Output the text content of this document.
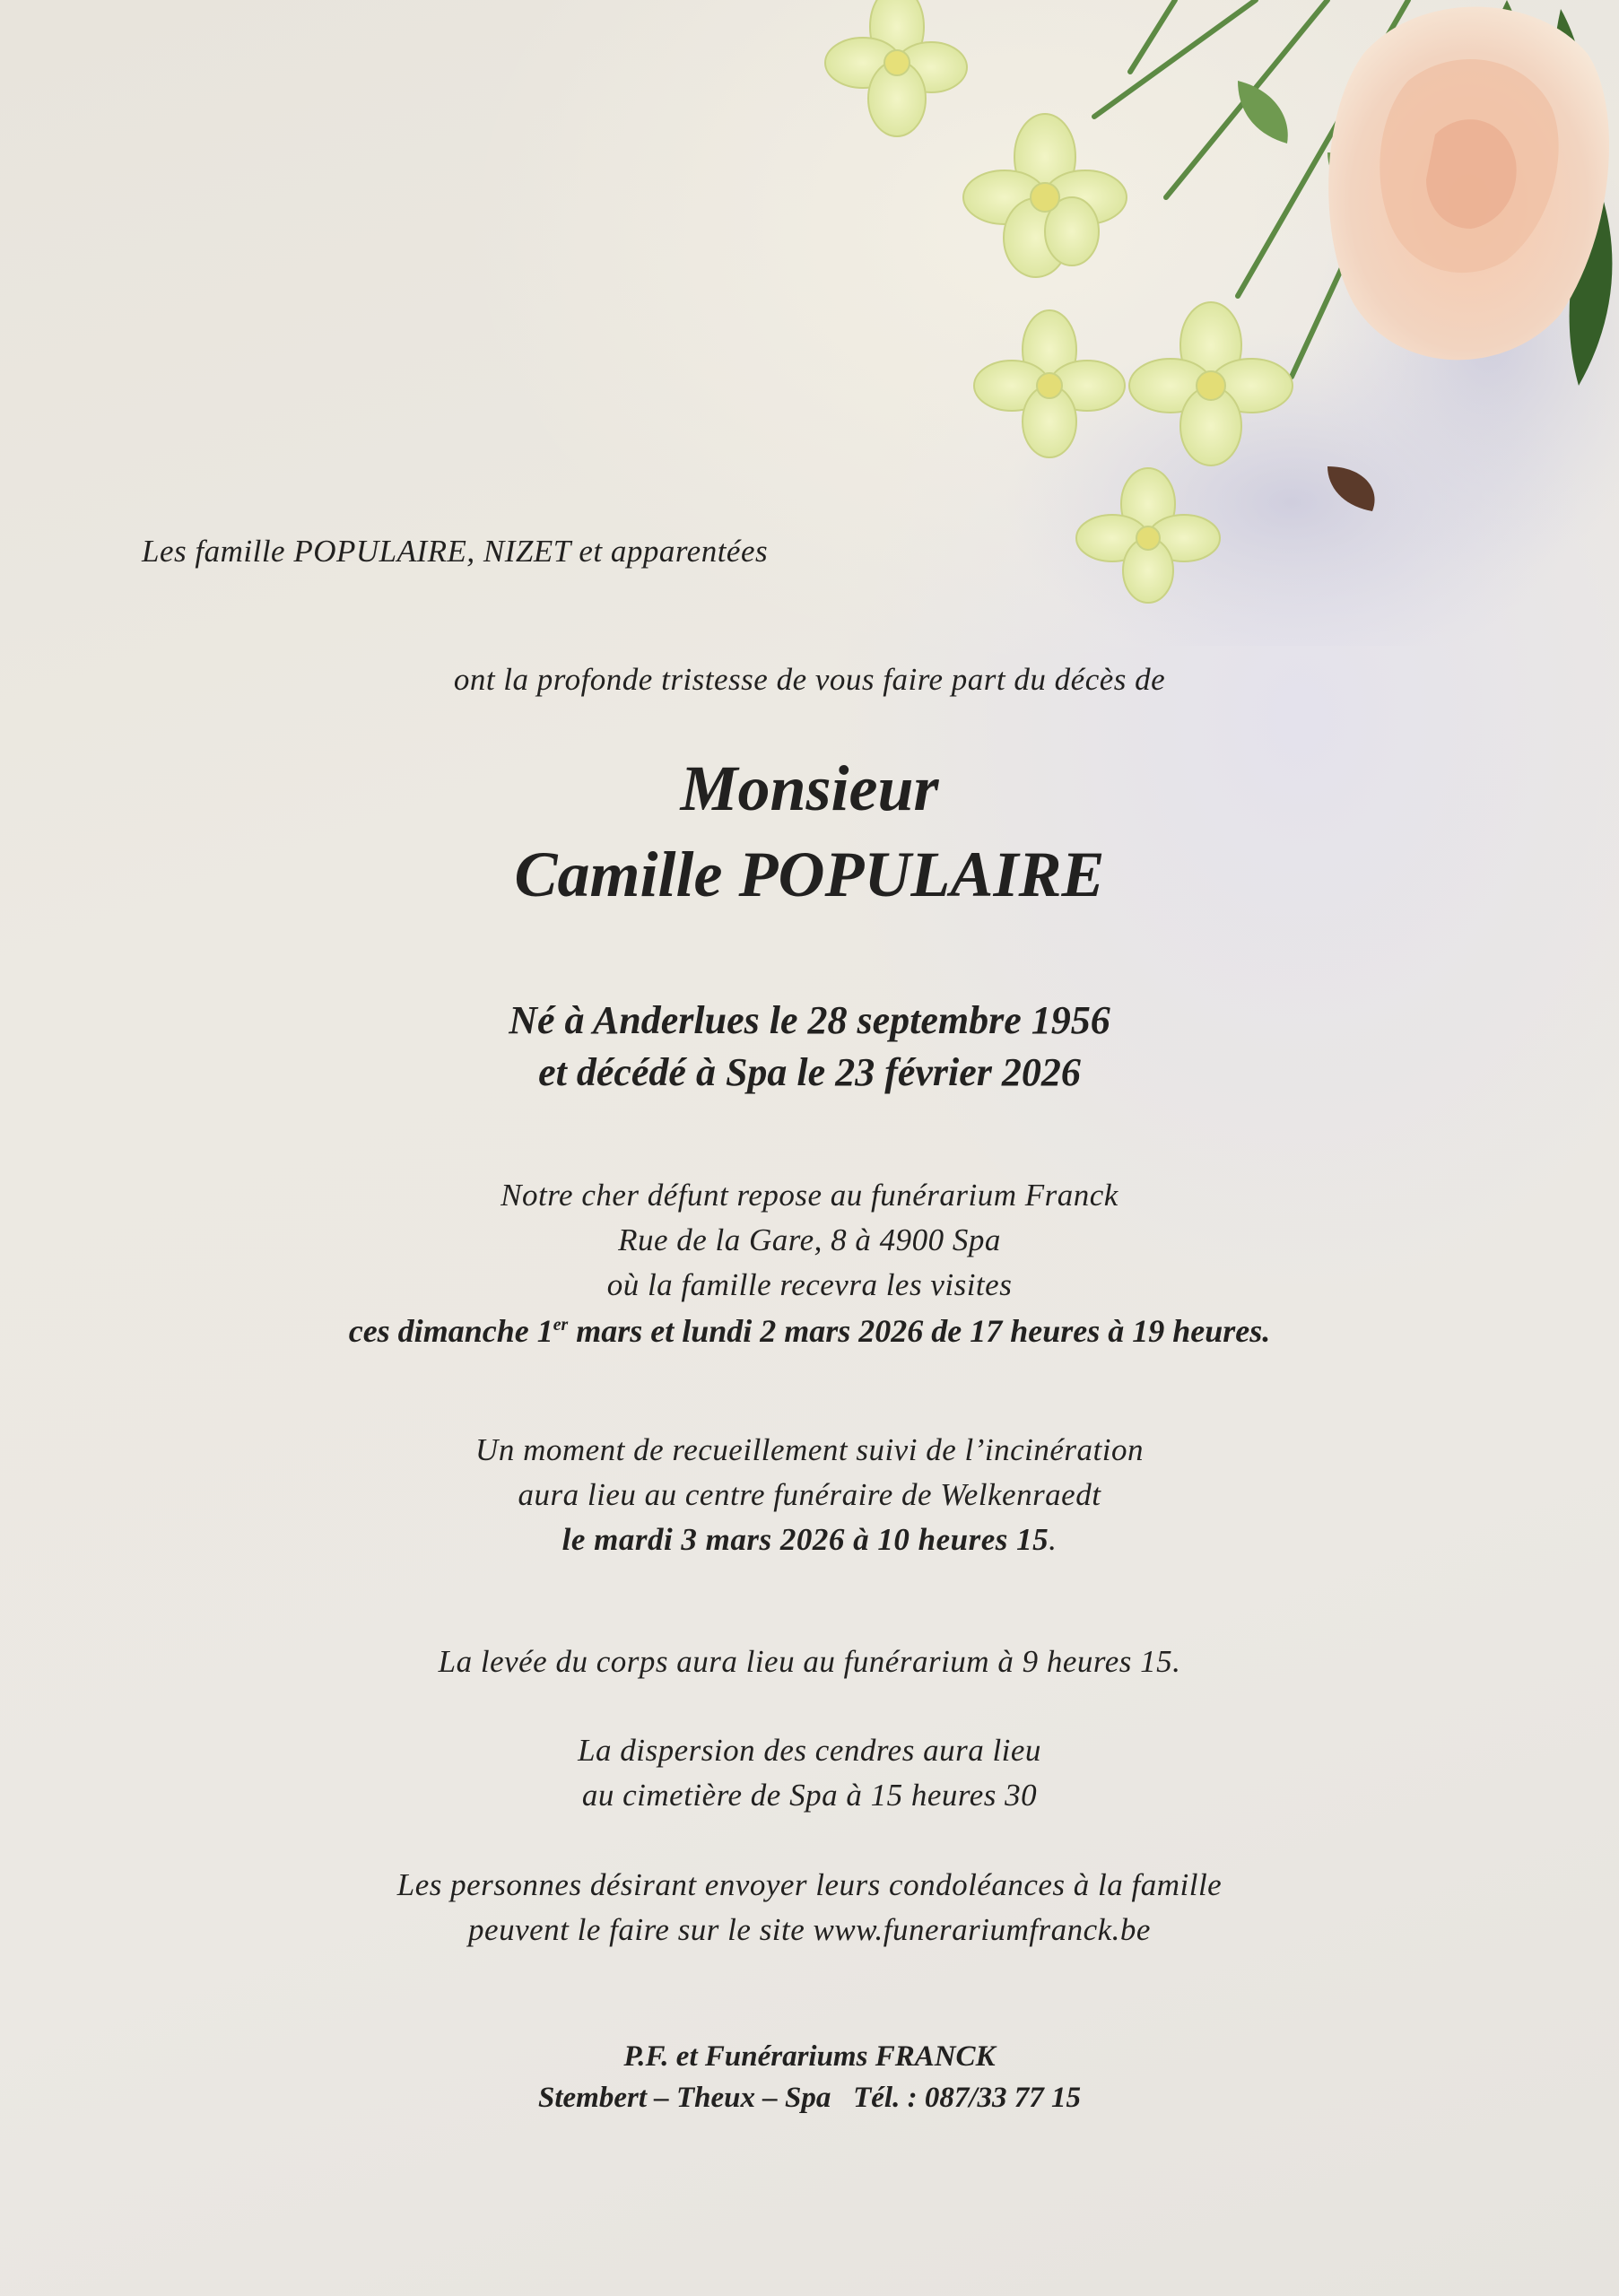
Les famille POPULAIRE, NIZET et apparentées
ont la profonde tristesse de vous faire part du décès de
Monsieur
Camille POPULAIRE
Né à Anderlues le 28 septembre 1956
et décédé à Spa le 23 février 2026
Notre cher défunt repose au funérarium Franck
Rue de la Gare, 8 à 4900 Spa
où la famille recevra les visites
ces dimanche 1er mars et lundi 2 mars 2026 de 17 heures à 19 heures.
Un moment de recueillement suivi de l’incinération
aura lieu au centre funéraire de Welkenraedt
le mardi 3 mars 2026 à 10 heures 15.
La levée du corps aura lieu au funérarium à 9 heures 15.
La dispersion des cendres aura lieu
au cimetière de Spa à 15 heures 30
Les personnes désirant envoyer leurs condoléances à la famille
peuvent le faire sur le site www.funerariumfranck.be
P.F. et Funérariums FRANCK
Stembert – Theux – Spa   Tél. : 087/33 77 15
